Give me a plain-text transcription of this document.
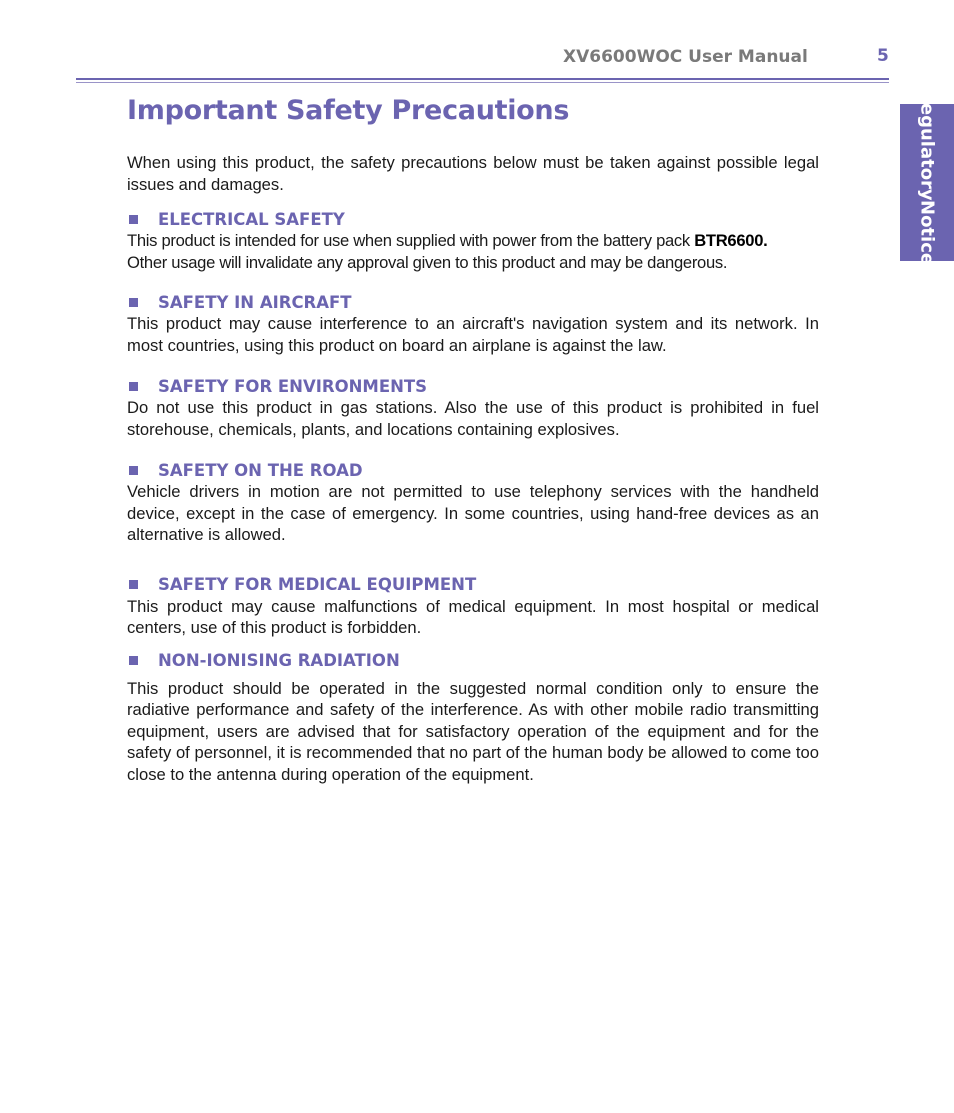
XV6600WOC User Manual	5
Regulatory
Notices
Important Safety Precautions

When using this product, the safety precautions below must be taken against possible legal issues and damages.

ELECTRICAL SAFETY

This product is intended for use when supplied with power from the battery pack BTR6600.
Other usage will invalidate any approval given to this product and may be dangerous.

SAFETY IN AIRCRAFT

This product may cause interference to an aircraft's navigation system and its network. In most countries, using this product on board an airplane is against the law.

SAFETY FOR ENVIRONMENTS

Do not use this product in gas stations. Also the use of this product is prohibited in fuel storehouse, chemicals, plants, and locations containing explosives.

SAFETY ON THE ROAD

Vehicle drivers in motion are not permitted to use telephony services with the handheld device, except in the case of emergency. In some countries, using hand-free devices as an alternative is allowed.

SAFETY FOR MEDICAL EQUIPMENT

This product may cause malfunctions of medical equipment. In most hospital or medical centers, use of this product is forbidden.

NON-IONISING RADIATION

This product should be operated in the suggested normal condition only to ensure the radiative performance and safety of the interference. As with other mobile radio transmitting equipment, users are advised that for satisfactory operation of the equipment and for the safety of personnel, it is recommended that no part of the human body be allowed to come too close to the antenna during operation of the equipment.
